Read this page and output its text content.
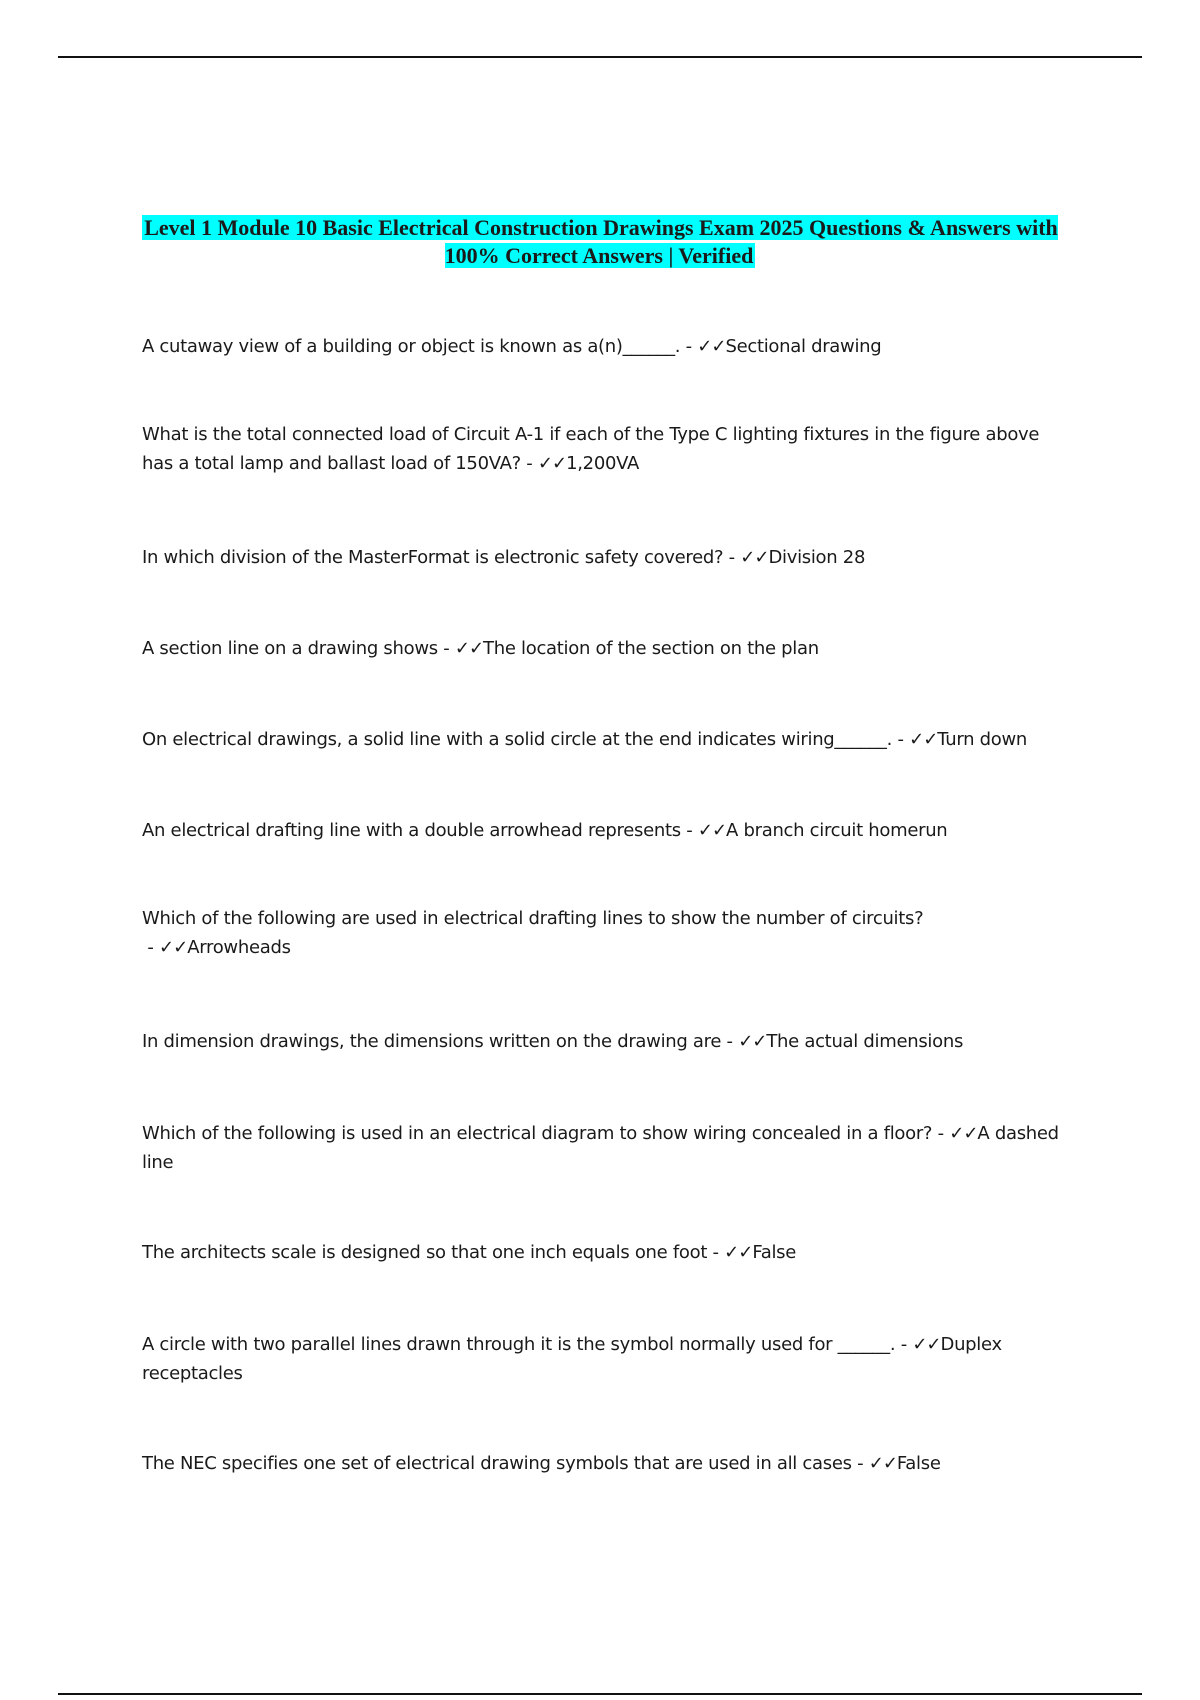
Level 1 Module 10 Basic Electrical Construction Drawings Exam 2025 Questions & Answers with 100% Correct Answers | Verified

A cutaway view of a building or object is known as a(n)______. - ✓✓Sectional drawing

What is the total connected load of Circuit A-1 if each of the Type C lighting fixtures in the figure above has a total lamp and ballast load of 150VA? - ✓✓1,200VA

In which division of the MasterFormat is electronic safety covered? - ✓✓Division 28

A section line on a drawing shows - ✓✓The location of the section on the plan

On electrical drawings, a solid line with a solid circle at the end indicates wiring______. - ✓✓Turn down

An electrical drafting line with a double arrowhead represents - ✓✓A branch circuit homerun

Which of the following are used in electrical drafting lines to show the number of circuits? - ✓✓Arrowheads

In dimension drawings, the dimensions written on the drawing are - ✓✓The actual dimensions

Which of the following is used in an electrical diagram to show wiring concealed in a floor? - ✓✓A dashed line

The architects scale is designed so that one inch equals one foot - ✓✓False

A circle with two parallel lines drawn through it is the symbol normally used for ______. - ✓✓Duplex receptacles

The NEC specifies one set of electrical drawing symbols that are used in all cases - ✓✓False
